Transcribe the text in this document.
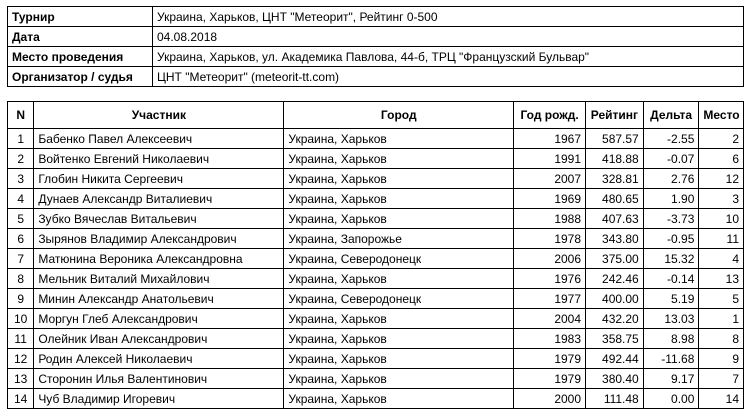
Турнир	Украина, Харьков, ЦНТ "Метеорит", Рейтинг 0-500
Дата	04.08.2018
Место проведения	Украина, Харьков, ул. Академика Павлова, 44-б, ТРЦ "Французский Бульвар"
Организатор / судья	ЦНТ "Метеорит" (meteorit-tt.com)
N	Участник	Город	Год рожд.	Рейтинг	Дельта	Место
1	Бабенко Павел Алексеевич	Украина, Харьков	1967	587.57	-2.55	2
2	Войтенко Евгений Николаевич	Украина, Харьков	1991	418.88	-0.07	6
3	Глобин Никита Сергеевич	Украина, Харьков	2007	328.81	2.76	12
4	Дунаев Александр Виталиевич	Украина, Харьков	1969	480.65	1.90	3
5	Зубко Вячеслав Витальевич	Украина, Харьков	1988	407.63	-3.73	10
6	Зырянов Владимир Александрович	Украина, Запорожье	1978	343.80	-0.95	11
7	Матюнина Вероника Александровна	Украина, Северодонецк	2006	375.00	15.32	4
8	Мельник Виталий Михайлович	Украина, Харьков	1976	242.46	-0.14	13
9	Минин Александр Анатольевич	Украина, Северодонецк	1977	400.00	5.19	5
10	Моргун Глеб Александрович	Украина, Харьков	2004	432.20	13.03	1
11	Олейник Иван Александрович	Украина, Харьков	1983	358.75	8.98	8
12	Родин Алексей Николаевич	Украина, Харьков	1979	492.44	-11.68	9
13	Сторонин Илья Валентинович	Украина, Харьков	1979	380.40	9.17	7
14	Чуб Владимир Игоревич	Украина, Харьков	2000	111.48	0.00	14
